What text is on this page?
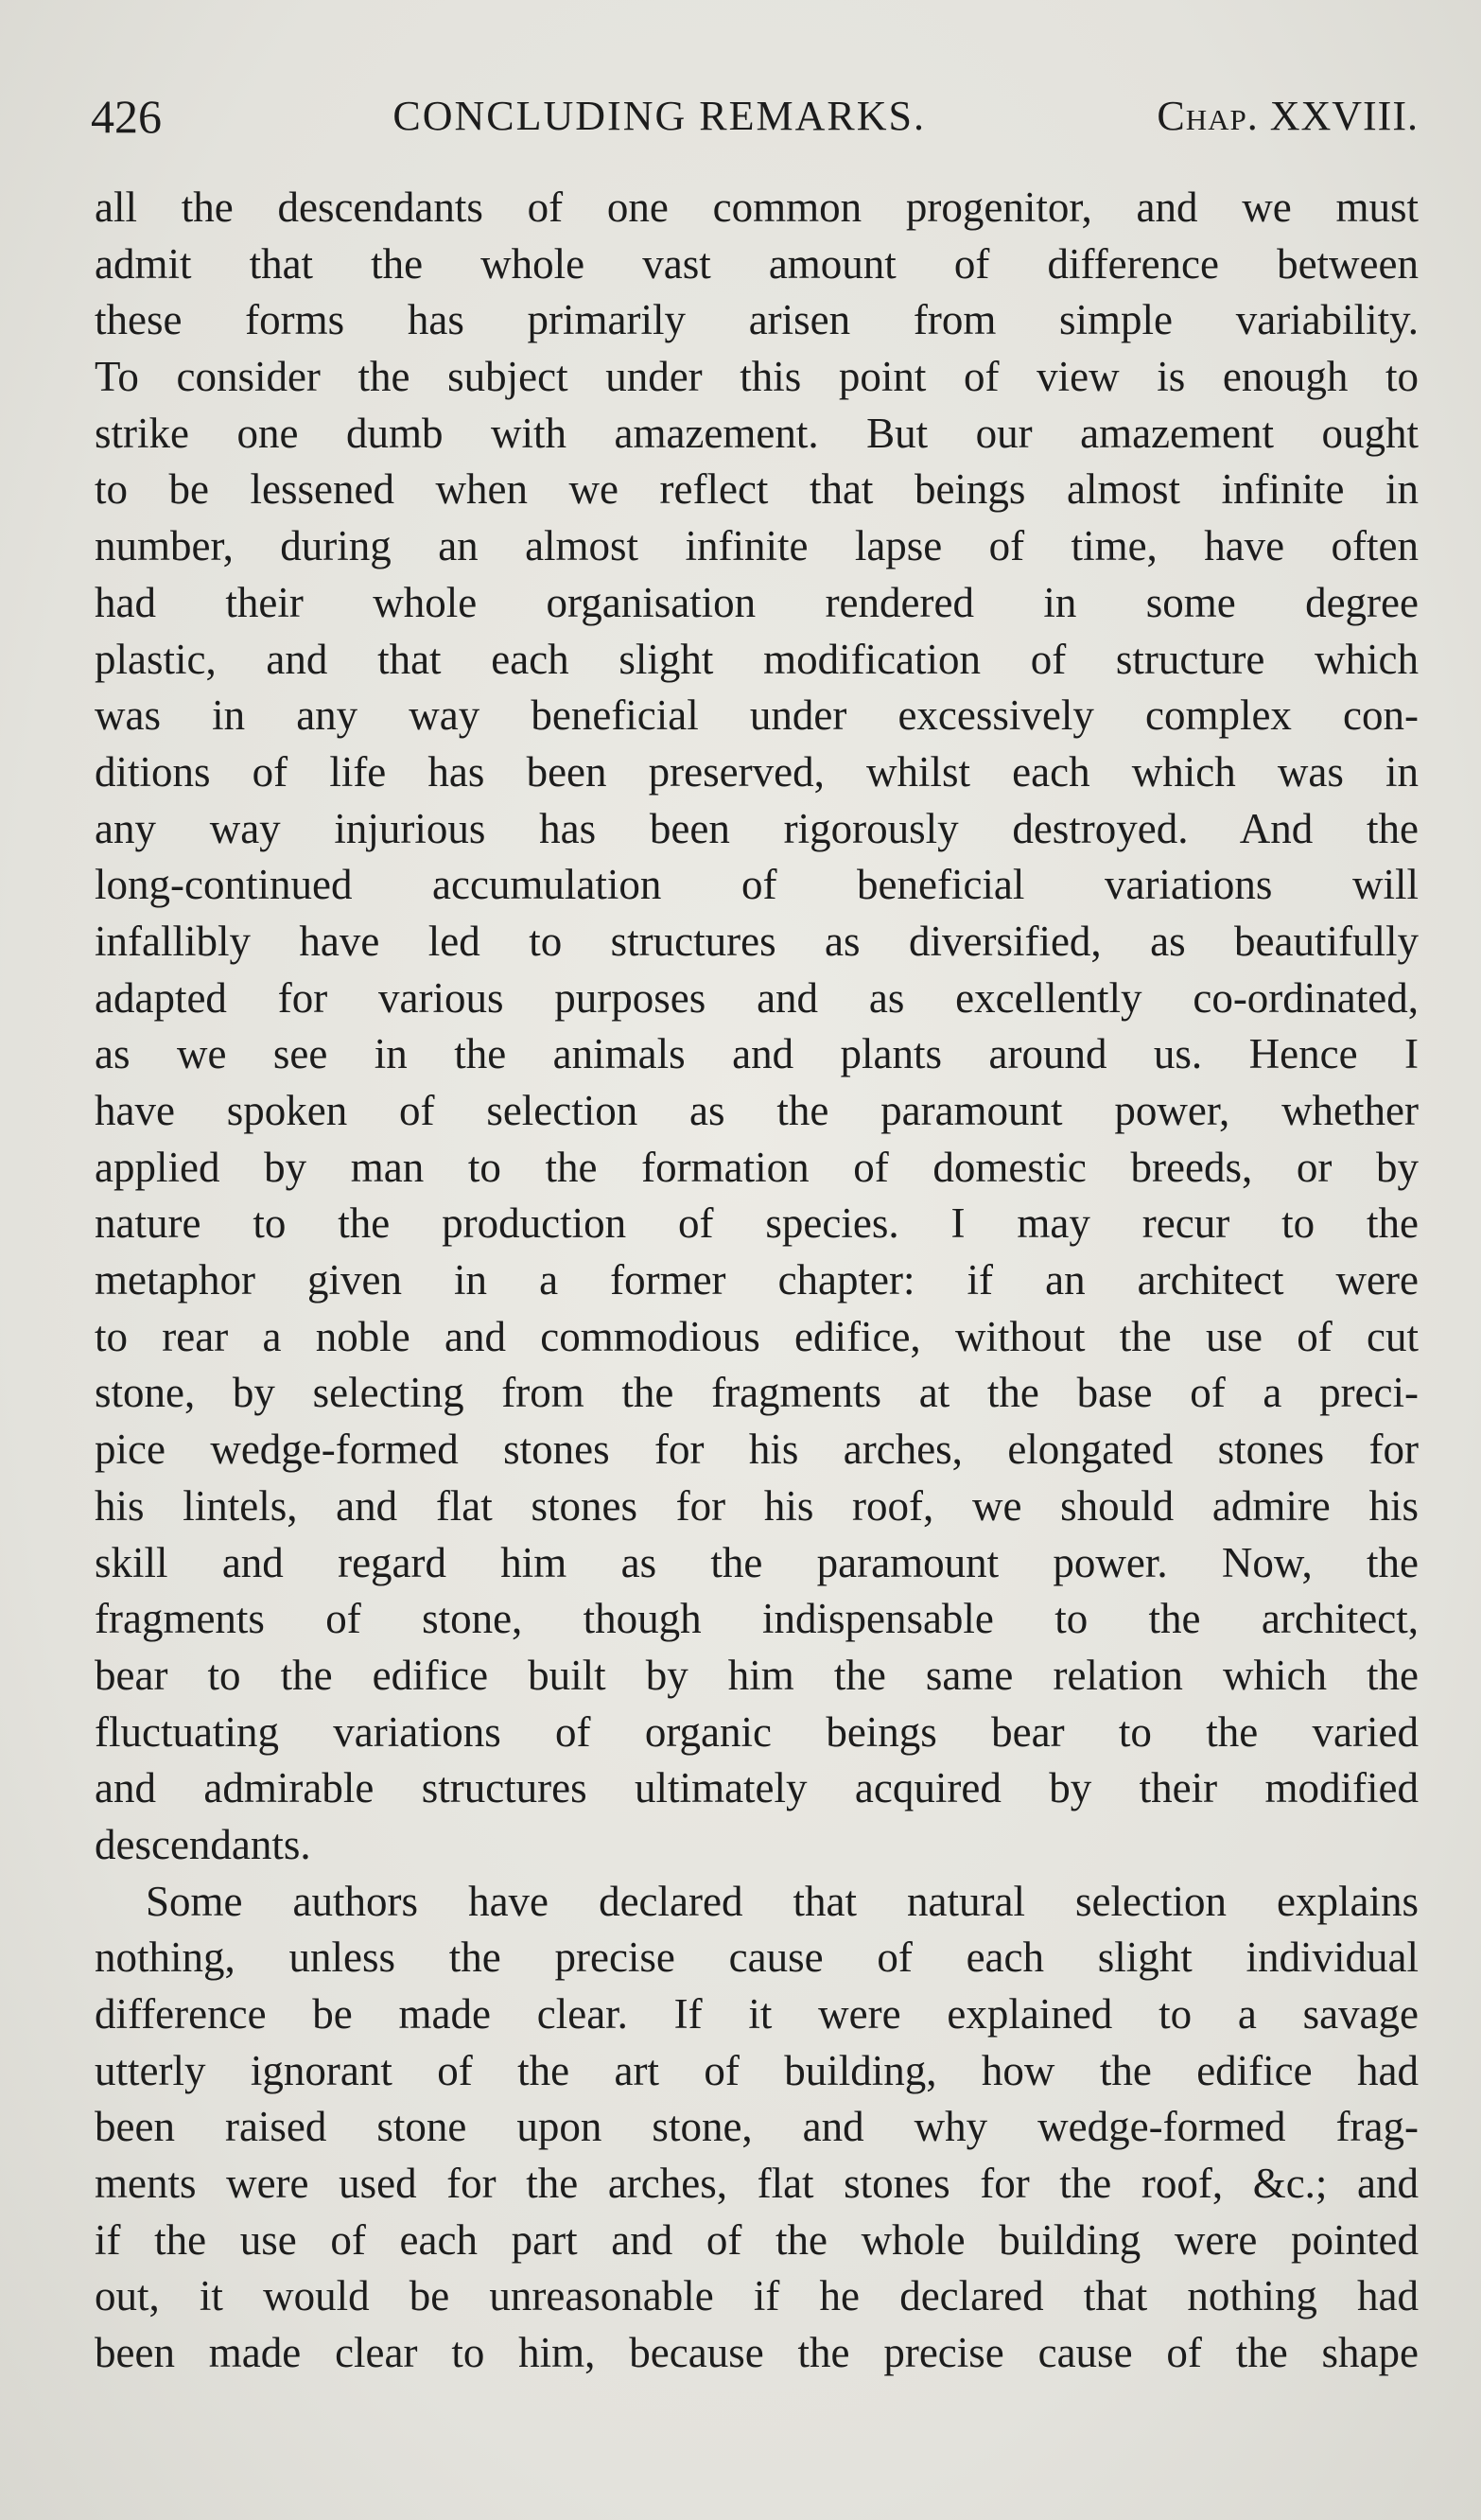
426	CONCLUDING REMARKS.	Chap. XXVIII.
all the descendants of one common progenitor, and we must
admit that the whole vast amount of difference between
these forms has primarily arisen from simple variability.
To consider the subject under this point of view is enough to
strike one dumb with amazement. But our amazement ought
to be lessened when we reflect that beings almost infinite in
number, during an almost infinite lapse of time, have often
had their whole organisation rendered in some degree
plastic, and that each slight modification of structure which
was in any way beneficial under excessively complex con-
ditions of life has been preserved, whilst each which was in
any way injurious has been rigorously destroyed. And the
long-continued accumulation of beneficial variations will
infallibly have led to structures as diversified, as beautifully
adapted for various purposes and as excellently co-ordinated,
as we see in the animals and plants around us. Hence I
have spoken of selection as the paramount power, whether
applied by man to the formation of domestic breeds, or by
nature to the production of species. I may recur to the
metaphor given in a former chapter: if an architect were
to rear a noble and commodious edifice, without the use of cut
stone, by selecting from the fragments at the base of a preci-
pice wedge-formed stones for his arches, elongated stones for
his lintels, and flat stones for his roof, we should admire his
skill and regard him as the paramount power. Now, the
fragments of stone, though indispensable to the architect,
bear to the edifice built by him the same relation which the
fluctuating variations of organic beings bear to the varied
and admirable structures ultimately acquired by their modified
descendants.
Some authors have declared that natural selection explains
nothing, unless the precise cause of each slight individual
difference be made clear. If it were explained to a savage
utterly ignorant of the art of building, how the edifice had
been raised stone upon stone, and why wedge-formed frag-
ments were used for the arches, flat stones for the roof, &c.; and
if the use of each part and of the whole building were pointed
out, it would be unreasonable if he declared that nothing had
been made clear to him, because the precise cause of the shape
